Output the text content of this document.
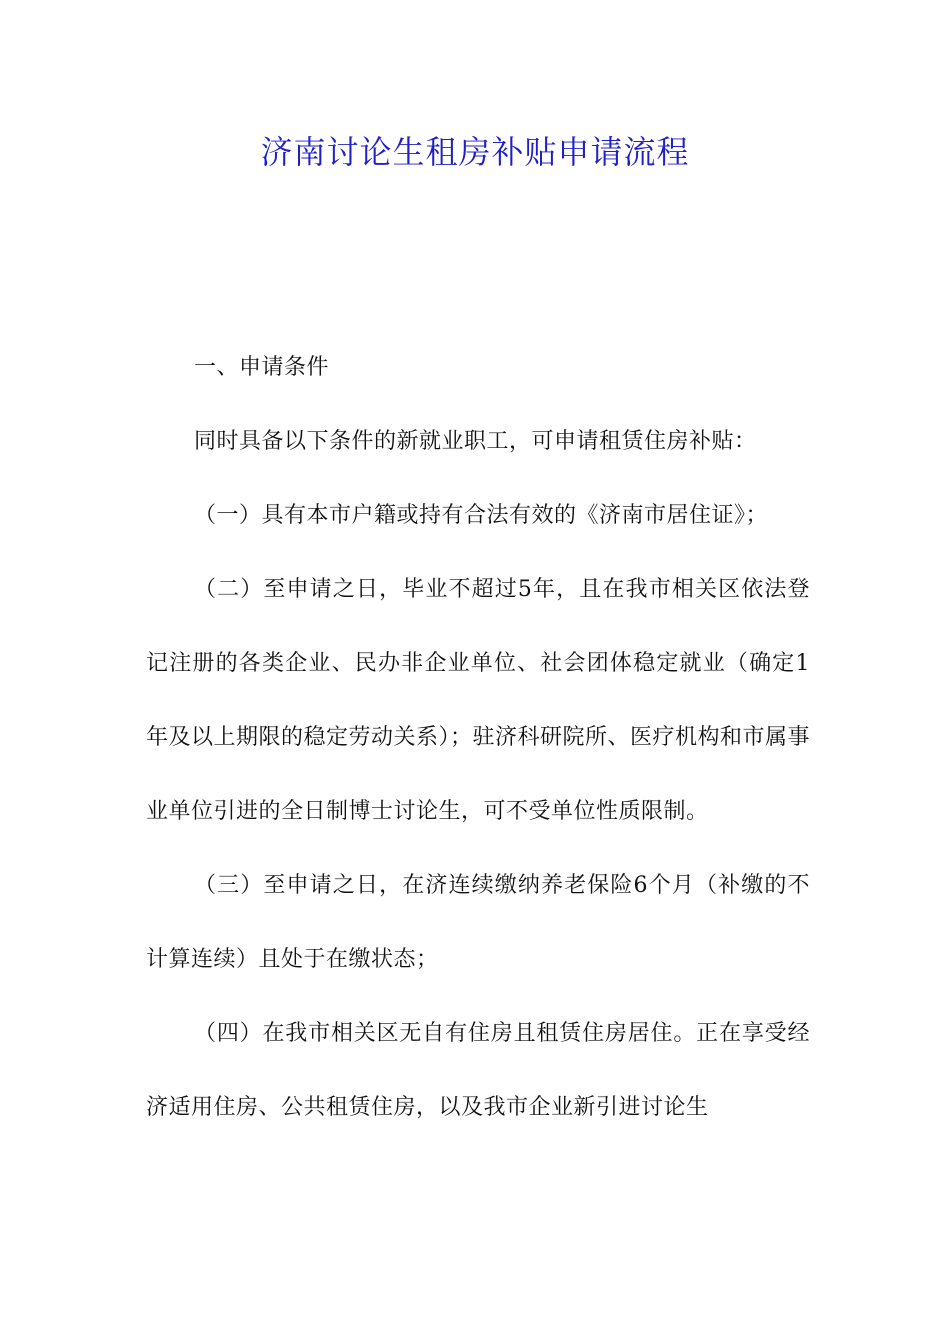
济南讨论生租房补贴申请流程

一、申请条件

同时具备以下条件的新就业职工，可申请租赁住房补贴：

（一）具有本市户籍或持有合法有效的《济南市居住证》；

（二）至申请之日，毕业不超过5年，且在我市相关区依法登记注册的各类企业、民办非企业单位、社会团体稳定就业（确定1年及以上期限的稳定劳动关系）；驻济科研院所、医疗机构和市属事业单位引进的全日制博士讨论生，可不受单位性质限制。

（三）至申请之日，在济连续缴纳养老保险6个月（补缴的不计算连续）且处于在缴状态；

（四）在我市相关区无自有住房且租赁住房居住。正在享受经济适用住房、公共租赁住房，以及我市企业新引进讨论生
